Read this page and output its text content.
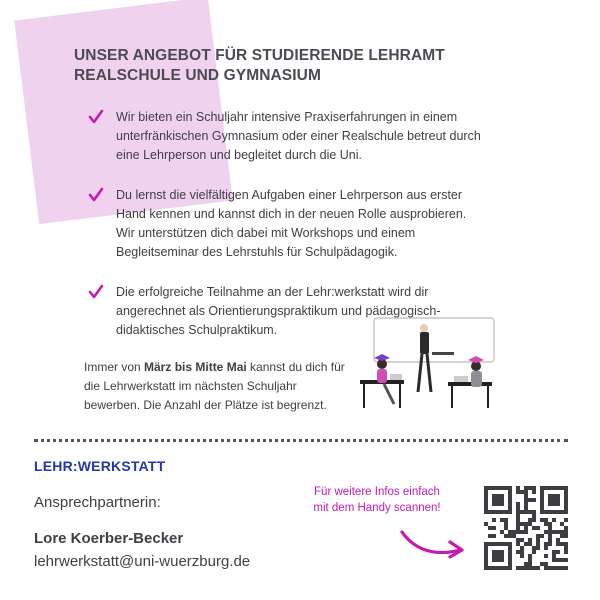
UNSER ANGEBOT FÜR STUDIERENDE LEHRAMT
REALSCHULE UND GYMNASIUM
Wir bieten ein Schuljahr intensive Praxiserfahrungen in einem unterfränkischen Gymnasium oder einer Realschule betreut durch eine Lehrperson und begleitet durch die Uni.
Du lernst die vielfältigen Aufgaben einer Lehrperson aus erster Hand kennen und kannst dich in der neuen Rolle ausprobieren. Wir unterstützen dich dabei mit Workshops und einem Begleitseminar des Lehrstuhls für Schulpädagogik.
Die erfolgreiche Teilnahme an der Lehr:werkstatt wird dir angerechnet als Orientierungspraktikum und pädagogisch-didaktisches Schulpraktikum.
Immer von März bis Mitte Mai kannst du dich für die Lehrwerkstatt im nächsten Schuljahr bewerben. Die Anzahl der Plätze ist begrenzt.
LEHR:WERKSTATT
Ansprechpartnerin:
Lore Koerber-Becker
lehrwerkstatt@uni-wuerzburg.de
Für weitere Infos einfach
mit dem Handy scannen!
